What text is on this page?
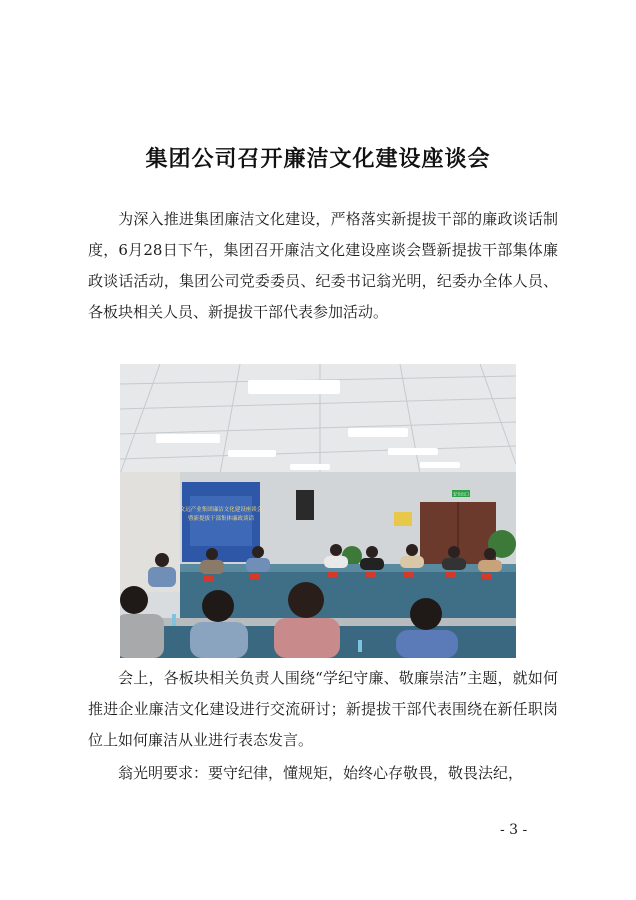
集团公司召开廉洁文化建设座谈会
为深入推进集团廉洁文化建设，严格落实新提拔干部的廉政谈话制度，6月28日下午，集团召开廉洁文化建设座谈会暨新提拔干部集体廉政谈话活动，集团公司党委委员、纪委书记翁光明，纪委办全体人员、各板块相关人员、新提拔干部代表参加活动。
文远产业集团廉洁文化建设座谈会
暨新提拔干部集体廉政谈话
安全出口
会上，各板块相关负责人围绕“学纪守廉、敬廉崇洁”主题，就如何推进企业廉洁文化建设进行交流研讨；新提拔干部代表围绕在新任职岗位上如何廉洁从业进行表态发言。
翁光明要求：要守纪律，懂规矩，始终心存敬畏，敬畏法纪，
- 3 -
